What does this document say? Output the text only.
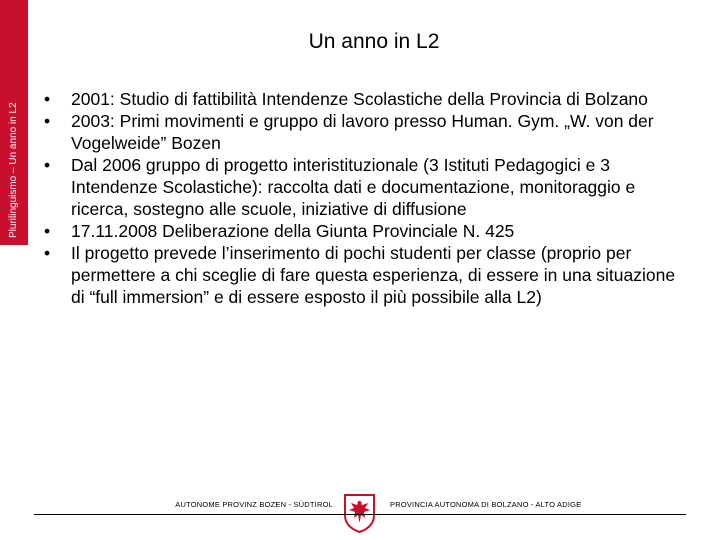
Plurilinguismo – Un anno in L2
Un anno in L2
• 2001: Studio di fattibilità Intendenze Scolastiche della Provincia di Bolzano
• 2003: Primi movimenti e gruppo di lavoro presso Human. Gym. „W. von der Vogelweide” Bozen
• Dal 2006 gruppo di progetto interistituzionale (3 Istituti Pedagogici e 3 Intendenze Scolastiche): raccolta dati e documentazione, monitoraggio e ricerca, sostegno alle scuole, iniziative di diffusione
• 17.11.2008 Deliberazione della Giunta Provinciale N. 425
• Il progetto prevede l’inserimento di pochi studenti per classe (proprio per permettere a chi sceglie di fare questa esperienza, di essere in una situazione di “full immersion” e di essere esposto il più possibile alla L2)
AUTONOME PROVINZ BOZEN - SÜDTIROL	PROVINCIA AUTONOMA DI BOLZANO - ALTO ADIGE
